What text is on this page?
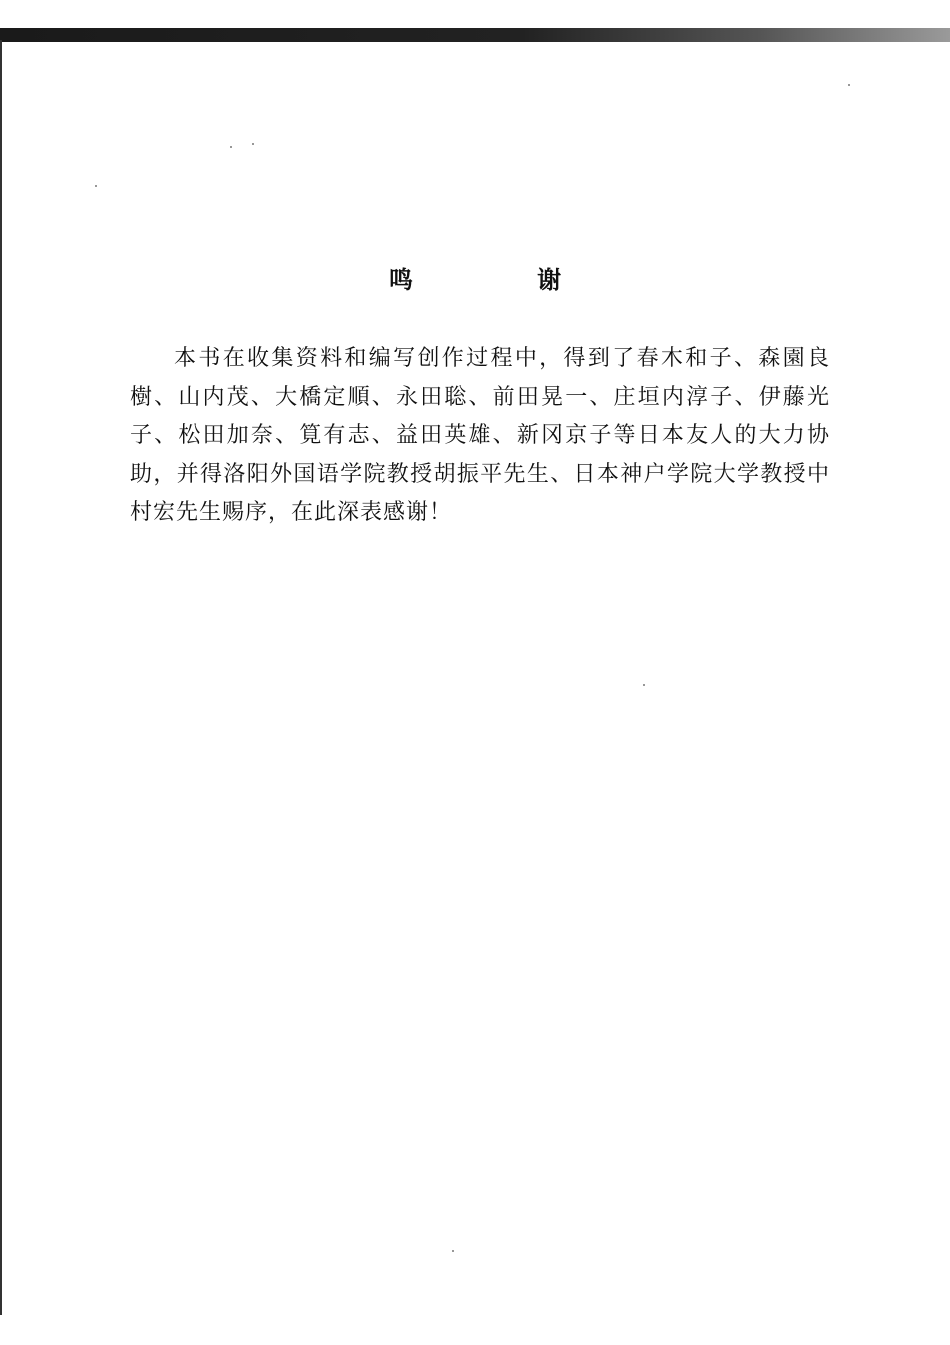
鸣 谢

本书在收集资料和编写创作过程中，得到了春木和子、森園良樹、山内茂、大橋定順、永田聡、前田晃一、庄垣内淳子、伊藤光子、松田加奈、筧有志、益田英雄、新冈京子等日本友人的大力协助，并得洛阳外国语学院教授胡振平先生、日本神户学院大学教授中村宏先生赐序，在此深表感谢！
